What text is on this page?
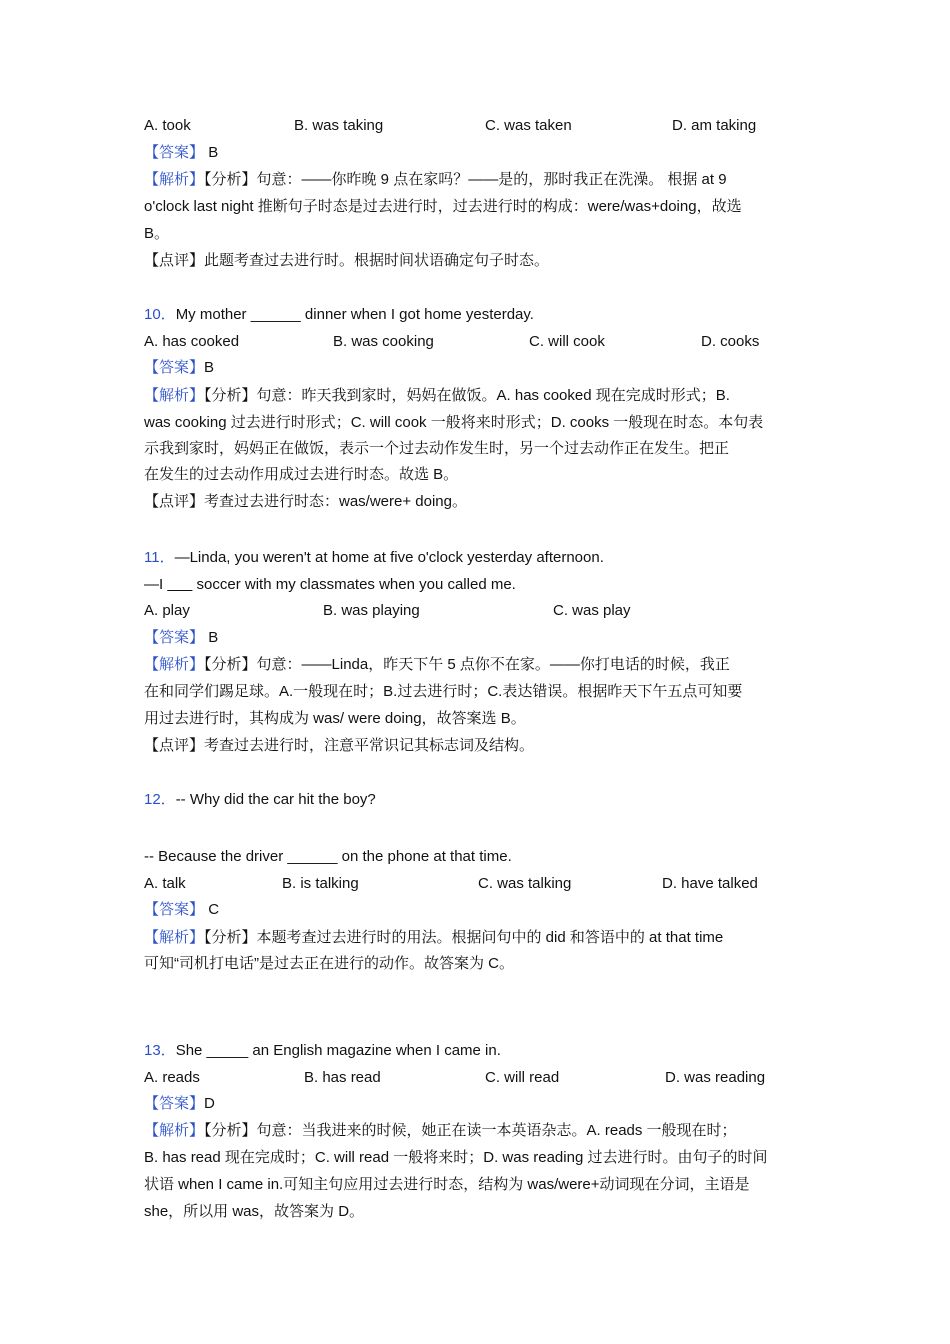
A. took	B. was taking	C. was taken	D. am taking
【答案】 B
【解析】【分析】句意：——你昨晚 9 点在家吗？——是的，那时我正在洗澡。 根据 at 9
o'clock last night 推断句子时态是过去进行时，过去进行时的构成：were/was+doing，故选
B。
【点评】此题考查过去进行时。根据时间状语确定句子时态。
10．My mother ______ dinner when I got home yesterday.
A. has cooked	B. was cooking	C. will cook	D. cooks
【答案】B
【解析】【分析】句意：昨天我到家时，妈妈在做饭。A. has cooked 现在完成时形式；B.
was cooking 过去进行时形式；C. will cook 一般将来时形式；D. cooks 一般现在时态。本句表
示我到家时，妈妈正在做饭，表示一个过去动作发生时，另一个过去动作正在发生。把正
在发生的过去动作用成过去进行时态。故选 B。
【点评】考查过去进行时态：was/were+ doing。
11．—Linda, you weren't at home at five o'clock yesterday afternoon.
—I ___ soccer with my classmates when you called me.
A. play	B. was playing	C. was play
【答案】 B
【解析】【分析】句意：——Linda，昨天下午 5 点你不在家。——你打电话的时候，我正
在和同学们踢足球。A.一般现在时；B.过去进行时；C.表达错误。根据昨天下午五点可知要
用过去进行时，其构成为 was/ were doing，故答案选 B。
【点评】考查过去进行时，注意平常识记其标志词及结构。
12．-- Why did the car hit the boy?
-- Because the driver ______ on the phone at that time.
A. talk	B. is talking	C. was talking	D. have talked
【答案】 C
【解析】【分析】本题考查过去进行时的用法。根据问句中的 did 和答语中的 at that time
可知“司机打电话”是过去正在进行的动作。故答案为 C。
13．She _____ an English magazine when I came in.
A. reads	B. has read	C. will read	D. was reading
【答案】D
【解析】【分析】句意：当我进来的时候，她正在读一本英语杂志。A. reads 一般现在时；
B. has read 现在完成时；C. will read 一般将来时；D. was reading 过去进行时。由句子的时间
状语 when I came in.可知主句应用过去进行时态，结构为 was/were+动词现在分词，主语是
she，所以用 was，故答案为 D。
